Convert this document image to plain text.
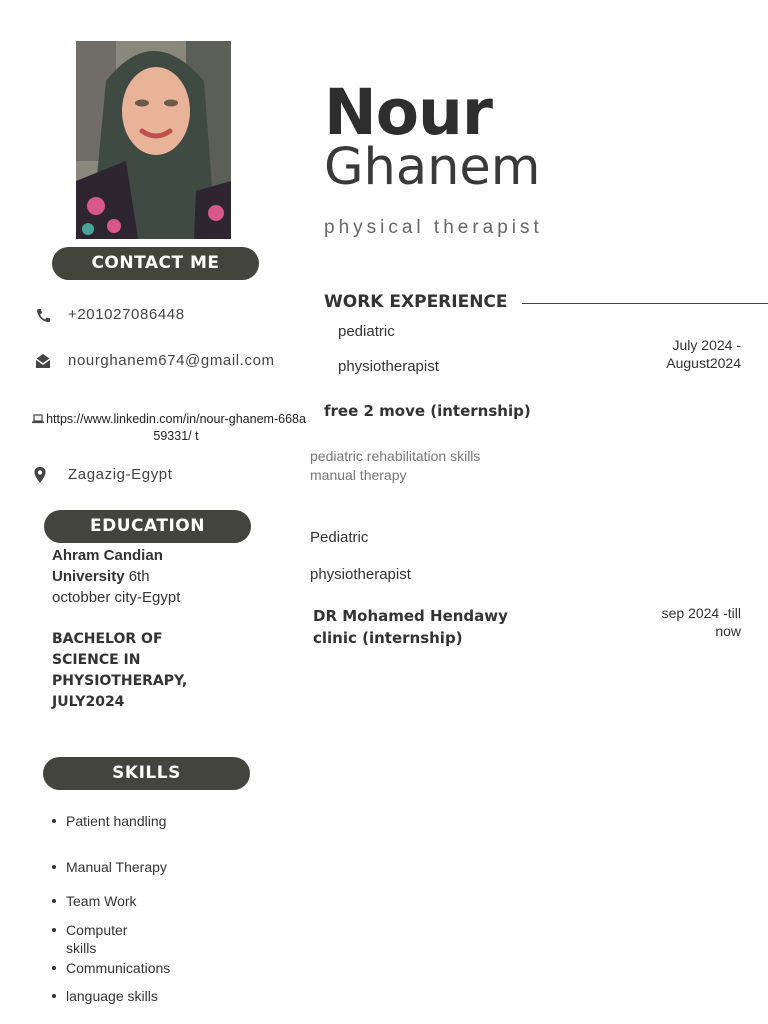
CONTACT ME
+201027086448
nourghanem674@gmail.com
https://www.linkedin.com/in/nour-ghanem-668a59331/ t
Zagazig-Egypt
EDUCATION
Ahram Candian University 6th octobber city-Egypt
BACHELOR OF SCIENCE IN PHYSIOTHERAPY, JULY2024
SKILLS
Patient handling
Manual Therapy
Team Work
Computer skills
Communications
language skills
Nour
Ghanem
physical therapist
WORK EXPERIENCE
pediatric
physiotherapist
July 2024 - August2024
free 2 move (internship)
pediatric rehabilitation skills
manual therapy
Pediatric
physiotherapist
sep 2024 -till now
DR Mohamed Hendawy clinic (internship)
